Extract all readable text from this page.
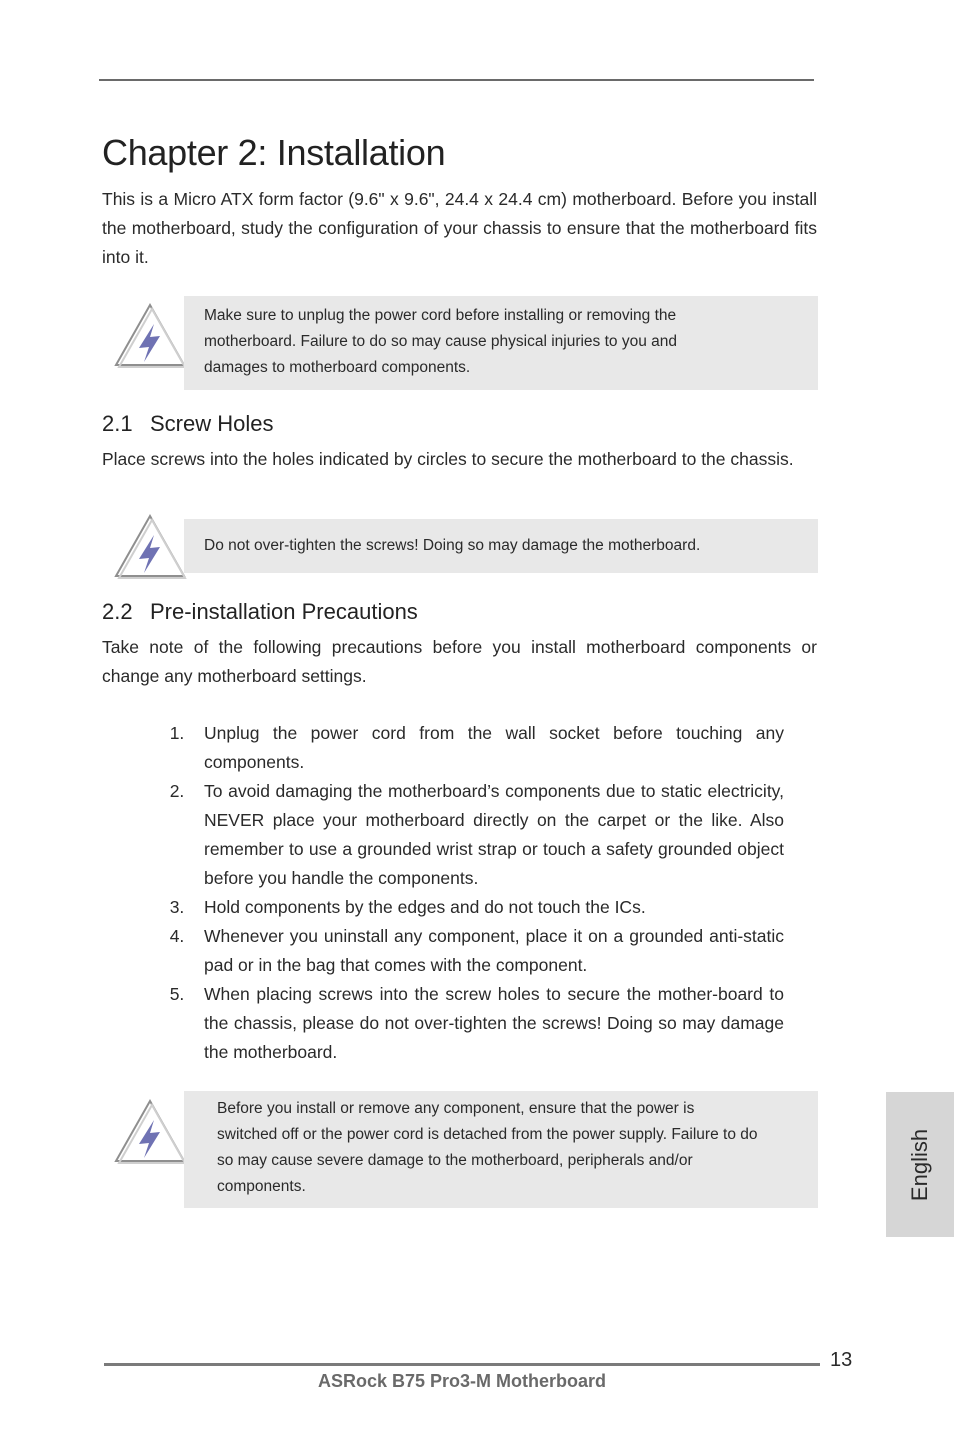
Chapter 2: Installation

This is a Micro ATX form factor (9.6" x 9.6", 24.4 x 24.4 cm) motherboard. Before you install the motherboard, study the configuration of your chassis to ensure that the motherboard fits into it.

Make sure to unplug the power cord before installing or removing the

motherboard. Failure to do so may cause physical injuries to you and

damages to motherboard components.

2.1 Screw Holes

Place screws into the holes indicated by circles to secure the motherboard to the chassis.

Do not over-tighten the screws! Doing so may damage the motherboard.

2.2 Pre-installation Precautions

Take note of the following precautions before you install motherboard components or change any motherboard settings.

1.	Unplug the power cord from the wall socket before touching any components.
2.	To avoid damaging the motherboard’s components due to static electricity, NEVER place your motherboard directly on the carpet or the like. Also remember to use a grounded wrist strap or touch a safety grounded object before you handle the components.
3.	Hold components by the edges and do not touch the ICs.
4.	Whenever you uninstall any component, place it on a grounded anti-static pad or in the bag that comes with the component.
5.	When placing screws into the screw holes to secure the mother-board to the chassis, please do not over-tighten the screws! Doing so may damage the motherboard.

Before you install or remove any component, ensure that the power is

switched off or the power cord is detached from the power supply. Failure to do

so may cause severe damage to the motherboard, peripherals and/or

components.	English
13
ASRock B75 Pro3-M Motherboard
